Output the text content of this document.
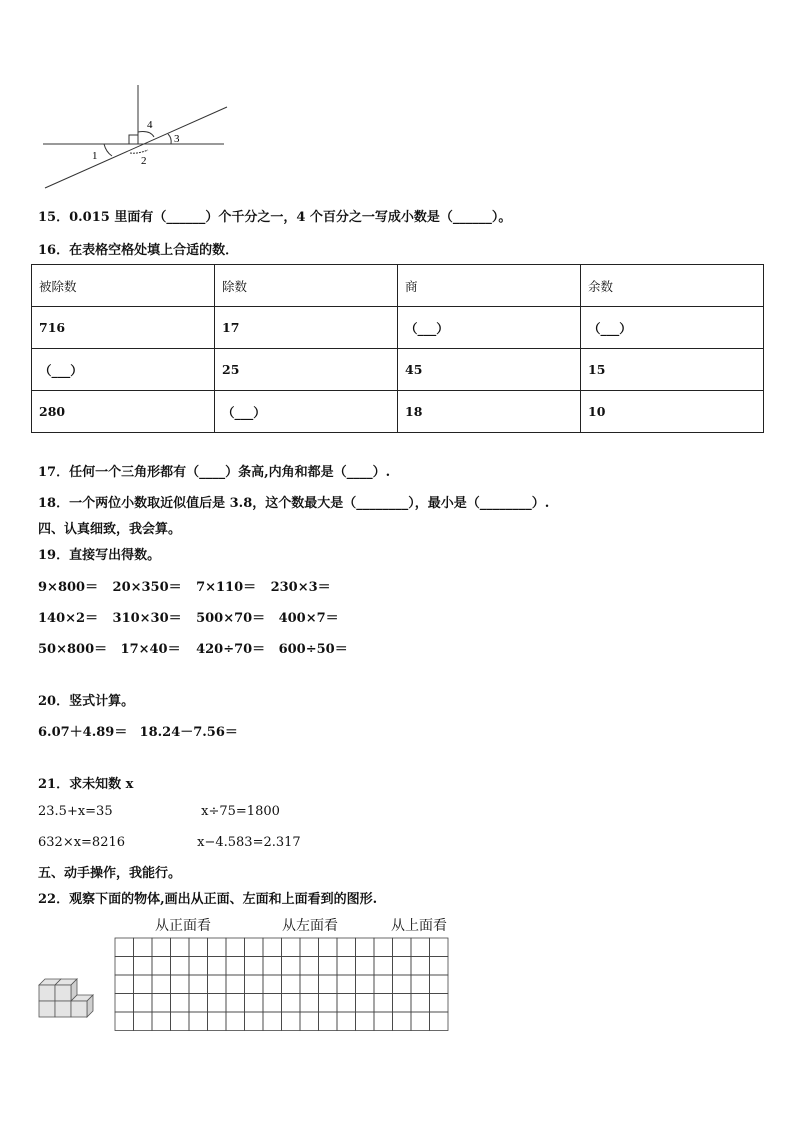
4
3
1	2
15．0.015 里面有（______）个千分之一，4 个百分之一写成小数是（______）。
16．在表格空格处填上合适的数．
被除数	除数	商	余数
716	17	（___）	（___）
（___）	25	45	15
280	（___）	18	10
17．任何一个三角形都有（____）条高,内角和都是（____）.
18．一个两位小数取近似值后是 3.8，这个数最大是（________），最小是（________）.
四、认真细致，我会算。
19．直接写出得数。
9×800＝ 20×350＝ 7×110＝ 230×3＝
140×2＝ 310×30＝ 500×70＝ 400×7＝
50×800＝ 17×40＝ 420÷70＝ 600÷50＝
20．竖式计算。
6.07＋4.89＝ 18.24－7.56＝
21．求未知数 x
23.5+x=35	x÷75=1800
632×x=8216	x−4.583=2.317
五、动手操作，我能行。
22．观察下面的物体,画出从正面、左面和上面看到的图形.
从正面看	从左面看	从上面看
